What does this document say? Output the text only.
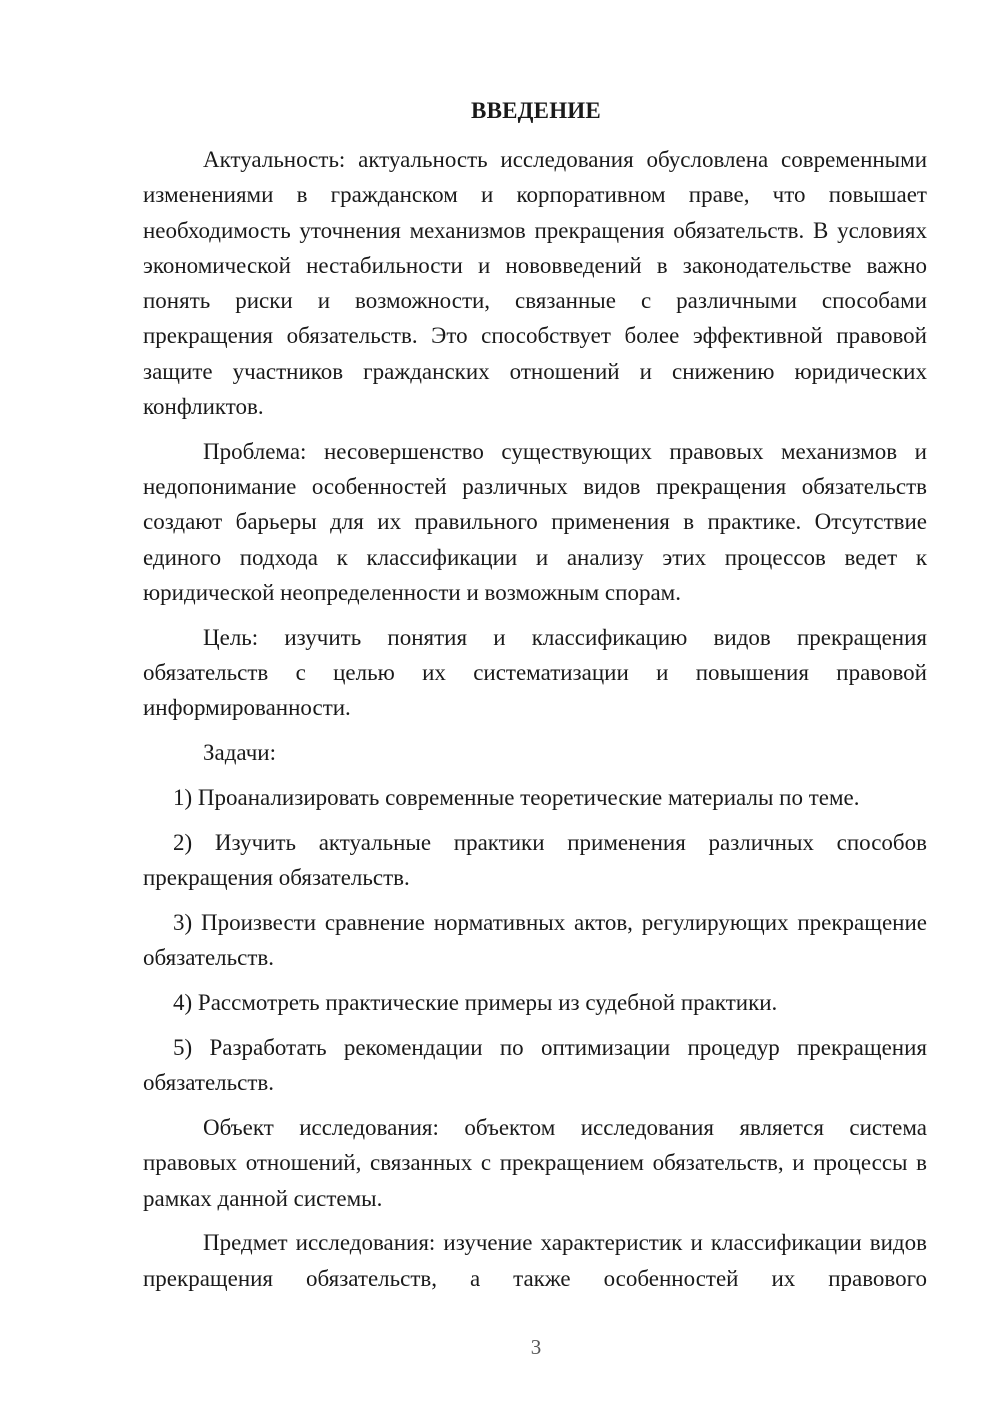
ВВЕДЕНИЕ

Актуальность: актуальность исследования обусловлена современными изменениями в гражданском и корпоративном праве, что повышает необходимость уточнения механизмов прекращения обязательств. В условиях экономической нестабильности и нововведений в законодательстве важно понять риски и возможности, связанные с различными способами прекращения обязательств. Это способствует более эффективной правовой защите участников гражданских отношений и снижению юридических конфликтов.

Проблема: несовершенство существующих правовых механизмов и недопонимание особенностей различных видов прекращения обязательств создают барьеры для их правильного применения в практике. Отсутствие единого подхода к классификации и анализу этих процессов ведет к юридической неопределенности и возможным спорам.

Цель: изучить понятия и классификацию видов прекращения обязательств с целью их систематизации и повышения правовой информированности.

Задачи:

1) Проанализировать современные теоретические материалы по теме.

2) Изучить актуальные практики применения различных способов прекращения обязательств.

3) Произвести сравнение нормативных актов, регулирующих прекращение обязательств.

4) Рассмотреть практические примеры из судебной практики.

5) Разработать рекомендации по оптимизации процедур прекращения обязательств.

Объект исследования: объектом исследования является система правовых отношений, связанных с прекращением обязательств, и процессы в рамках данной системы.

Предмет исследования: изучение характеристик и классификации видов прекращения обязательств, а также особенностей их правового

3
